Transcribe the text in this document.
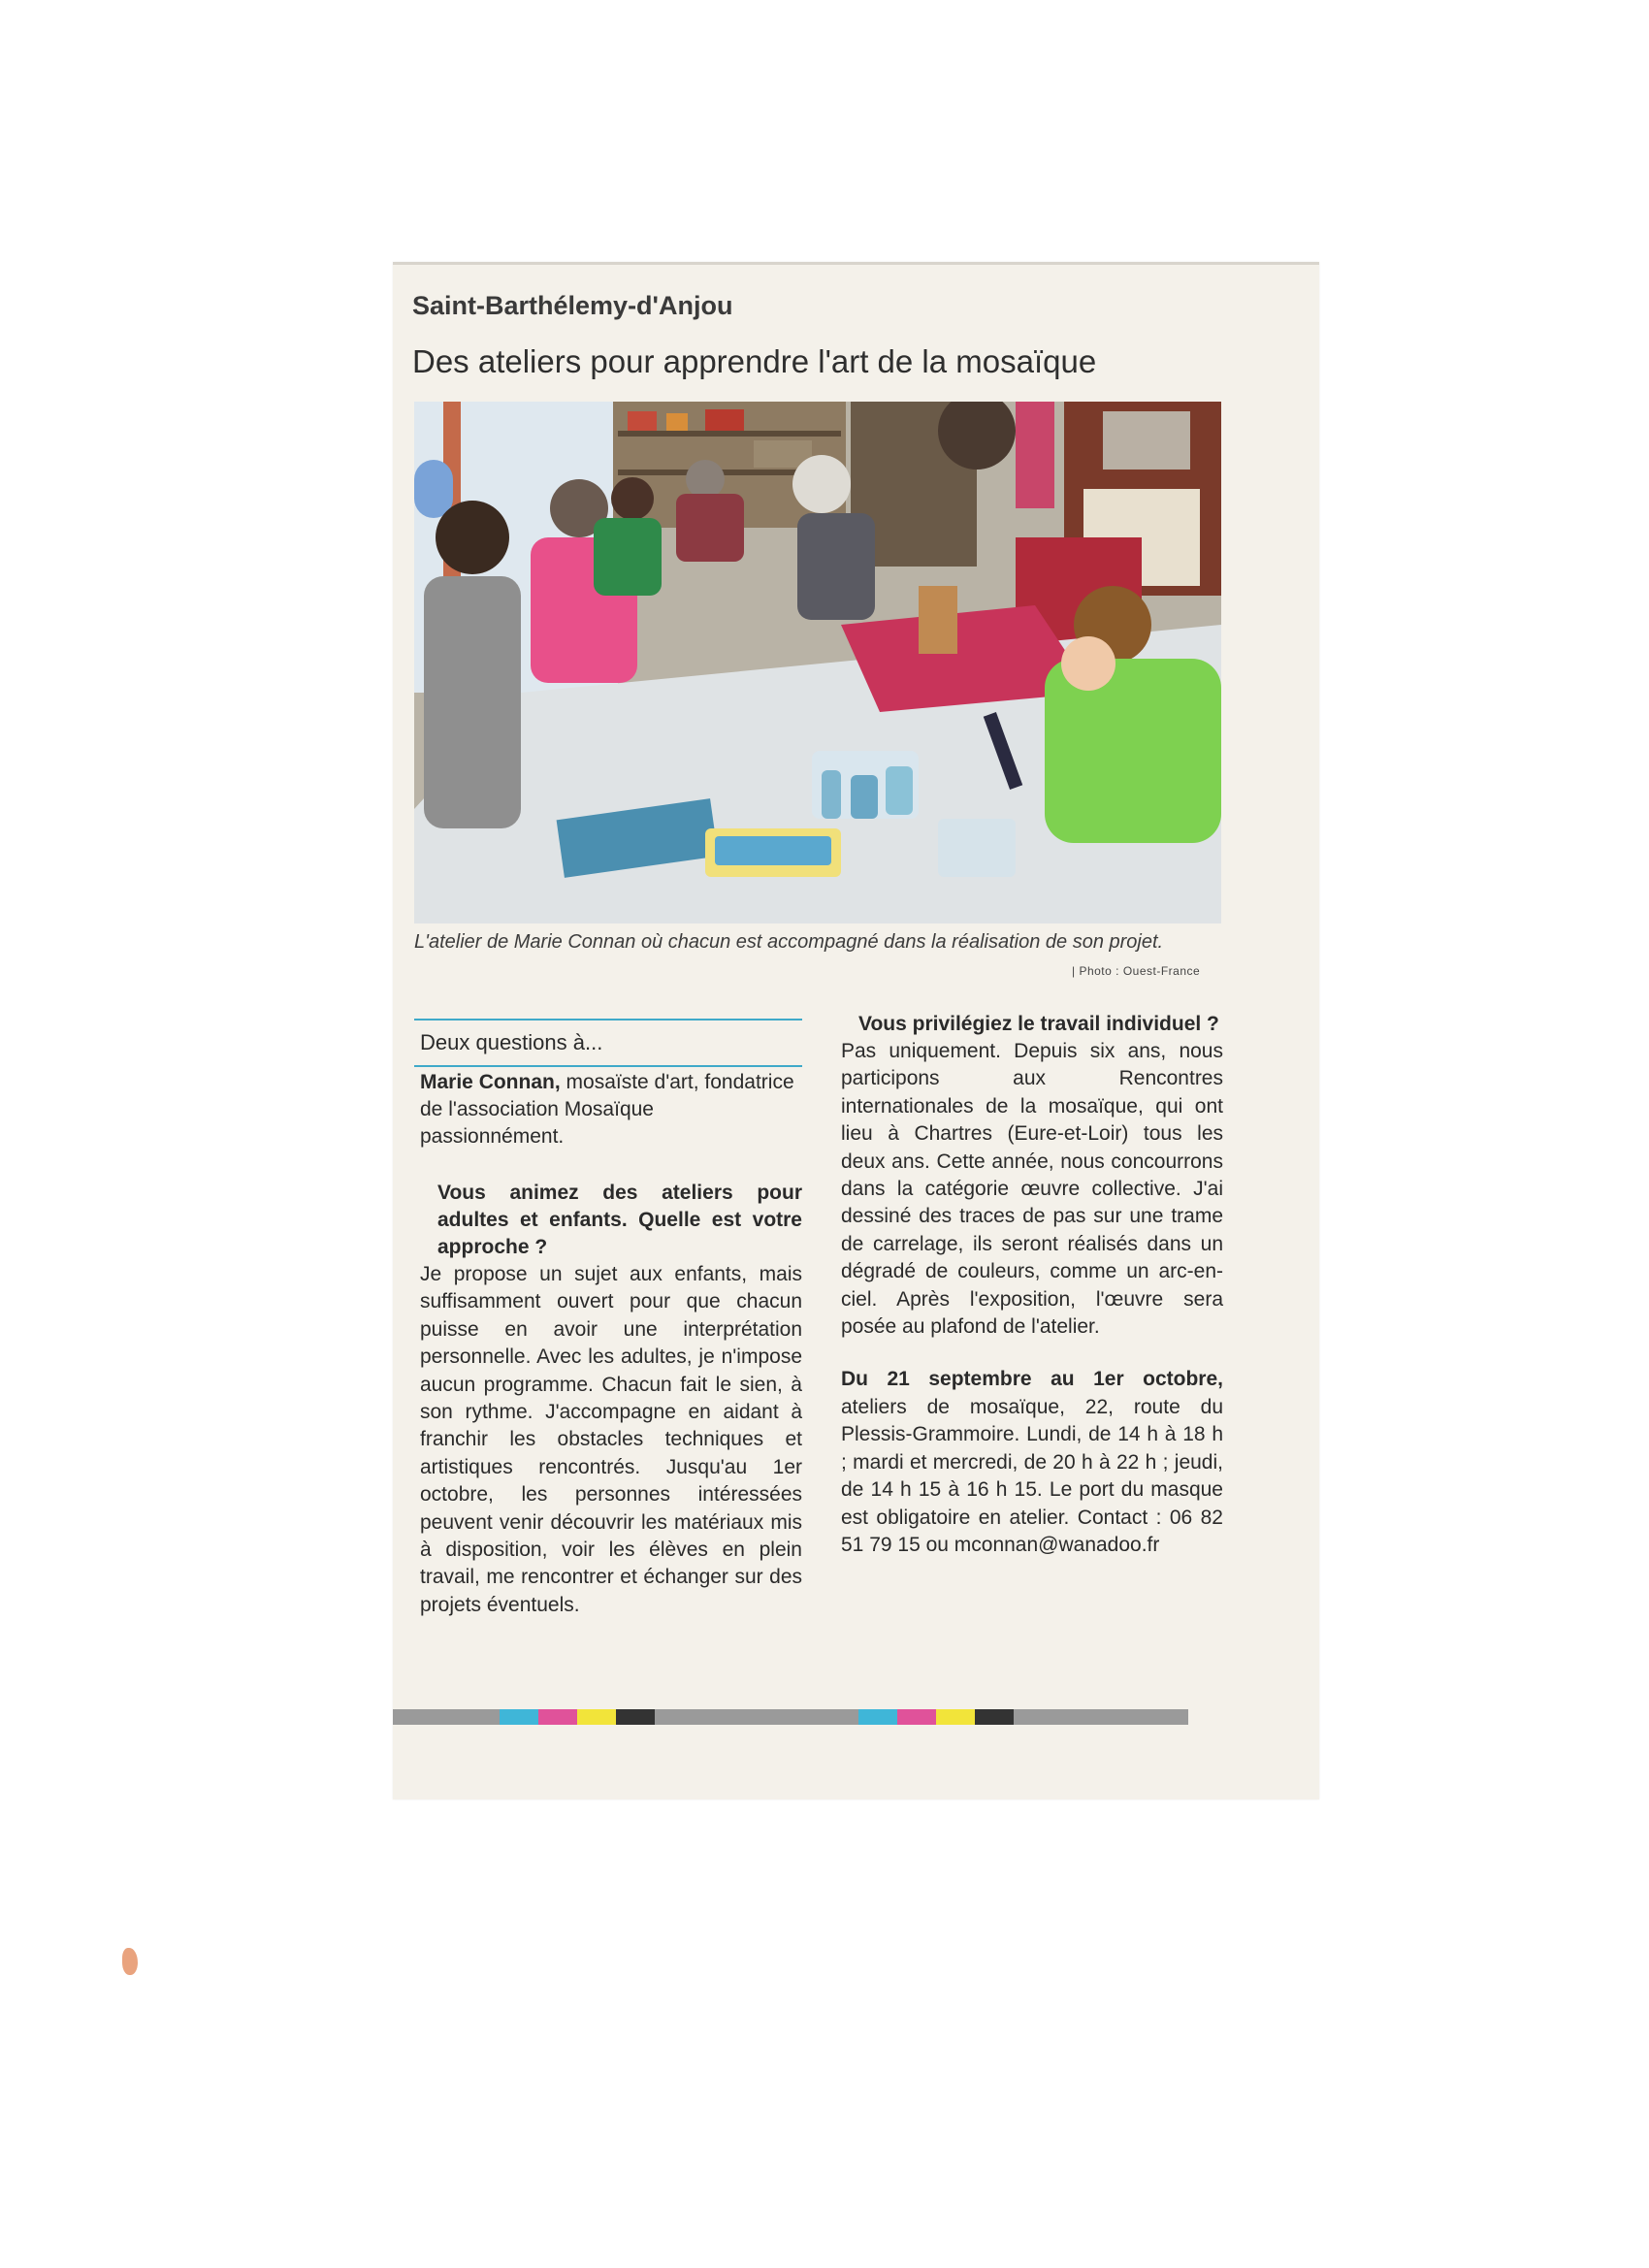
Saint-Barthélemy-d'Anjou
Des ateliers pour apprendre l'art de la mosaïque
L'atelier de Marie Connan où chacun est accompagné dans la réalisation de son projet.
| Photo : Ouest-France
Deux questions à...
Marie Connan, mosaïste d'art, fondatrice de l'association Mosaïque passionnément.
Vous animez des ateliers pour adultes et enfants. Quelle est votre approche ?
Je propose un sujet aux enfants, mais suffisamment ouvert pour que chacun puisse en avoir une interprétation personnelle. Avec les adultes, je n'impose aucun programme. Chacun fait le sien, à son rythme. J'accompagne en aidant à franchir les obstacles techniques et artistiques rencontrés. Jusqu'au 1er octobre, les personnes intéressées peuvent venir découvrir les matériaux mis à disposition, voir les élèves en plein travail, me rencontrer et échanger sur des projets éventuels.
Vous privilégiez le travail individuel ?
Pas uniquement. Depuis six ans, nous participons aux Rencontres internationales de la mosaïque, qui ont lieu à Chartres (Eure-et-Loir) tous les deux ans. Cette année, nous concourrons dans la catégorie œuvre collective. J'ai dessiné des traces de pas sur une trame de carrelage, ils seront réalisés dans un dégradé de couleurs, comme un arc-en-ciel. Après l'exposition, l'œuvre sera posée au plafond de l'atelier.
Du 21 septembre au 1er octobre, ateliers de mosaïque, 22, route du Plessis-Grammoire. Lundi, de 14 h à 18 h ; mardi et mercredi, de 20 h à 22 h ; jeudi, de 14 h 15 à 16 h 15. Le port du masque est obligatoire en atelier. Contact : 06 82 51 79 15 ou mconnan@wanadoo.fr
